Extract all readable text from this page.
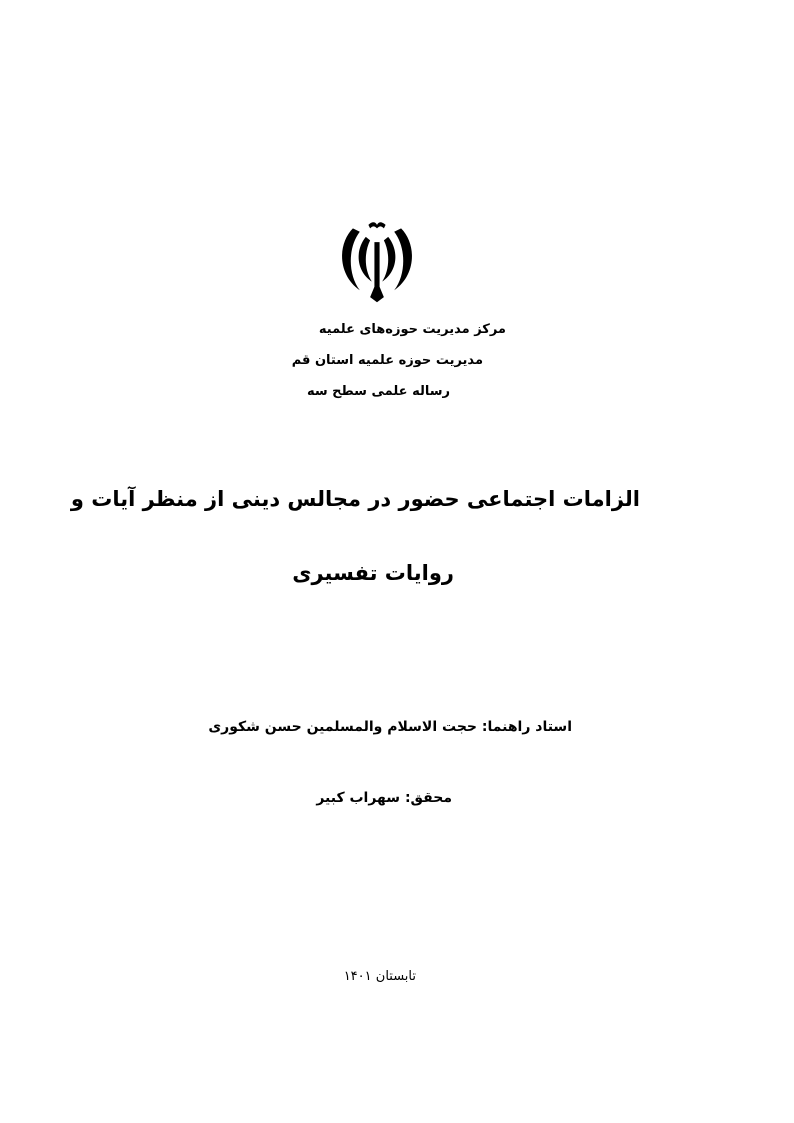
مرکز مدیریت حوزه‌های علمیه
مدیریت حوزه علمیه استان قم
رساله علمی سطح سه
الزامات اجتماعی حضور در مجالس دینی از منظر آیات و
روایات تفسیری
استاد راهنما: حجت الاسلام والمسلمین حسن شکوری
محقق: سهراب کبیر
تابستان ۱۴۰۱
